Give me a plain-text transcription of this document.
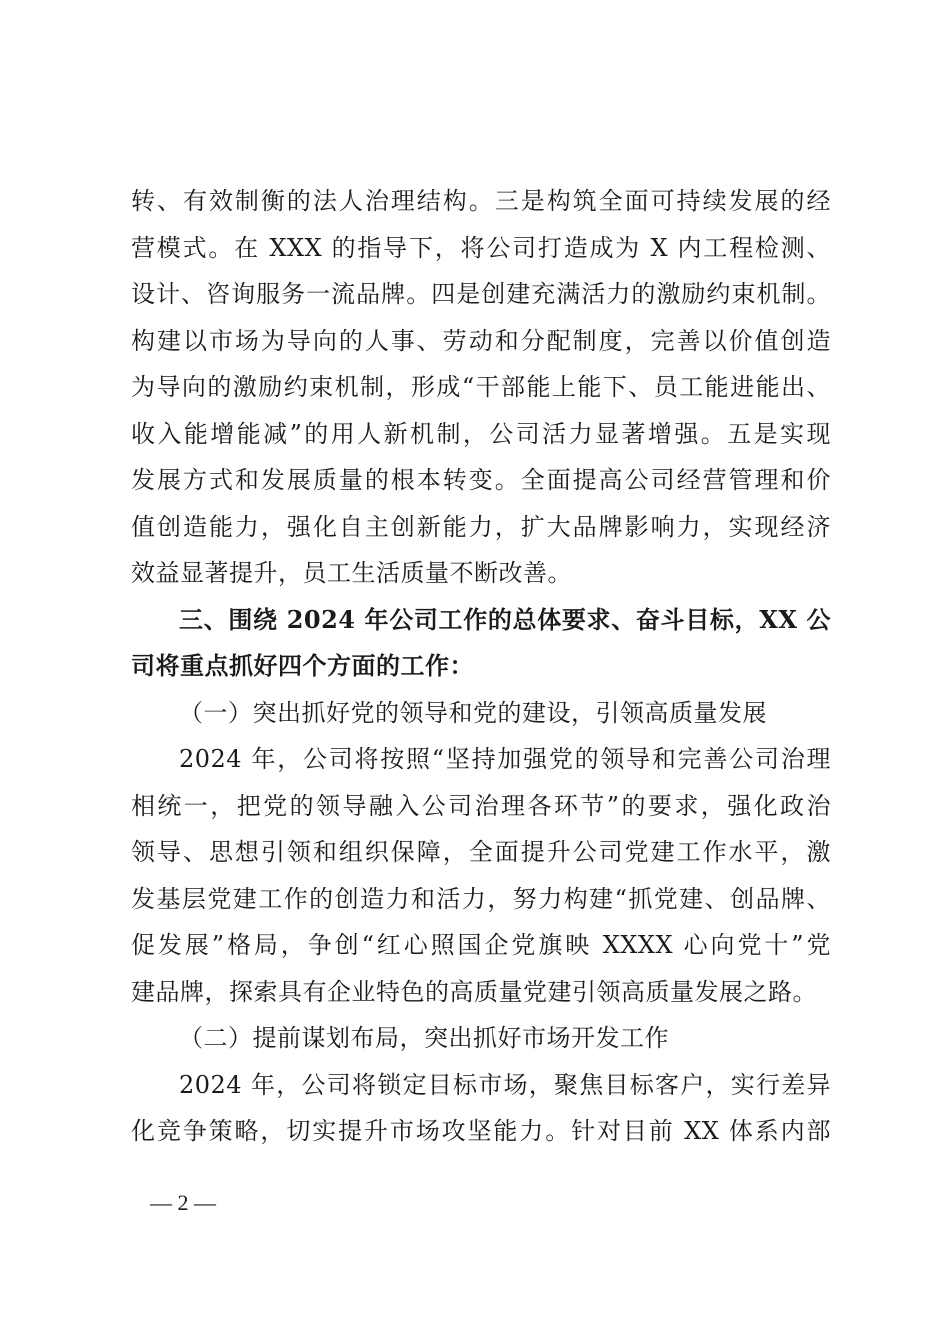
转、有效制衡的法人治理结构。三是构筑全面可持续发展的经
营模式。在 XXX 的指导下，将公司打造成为 X 内工程检测、
设计、咨询服务一流品牌。四是创建充满活力的激励约束机制。
构建以市场为导向的人事、劳动和分配制度，完善以价值创造
为导向的激励约束机制，形成“干部能上能下、员工能进能出、
收入能增能减”的用人新机制，公司活力显著增强。五是实现
发展方式和发展质量的根本转变。全面提高公司经营管理和价
值创造能力，强化自主创新能力，扩大品牌影响力，实现经济
效益显著提升，员工生活质量不断改善。
三、围绕 2024 年公司工作的总体要求、奋斗目标，XX 公
司将重点抓好四个方面的工作：
（一）突出抓好党的领导和党的建设，引领高质量发展
2024 年，公司将按照“坚持加强党的领导和完善公司治理
相统一，把党的领导融入公司治理各环节”的要求，强化政治
领导、思想引领和组织保障，全面提升公司党建工作水平，激
发基层党建工作的创造力和活力，努力构建“抓党建、创品牌、
促发展”格局，争创“红心照国企党旗映 XXXX 心向党十”党
建品牌，探索具有企业特色的高质量党建引领高质量发展之路。
（二）提前谋划布局，突出抓好市场开发工作
2024 年，公司将锁定目标市场，聚焦目标客户，实行差异
化竞争策略，切实提升市场攻坚能力。针对目前 XX 体系内部
— 2 —
